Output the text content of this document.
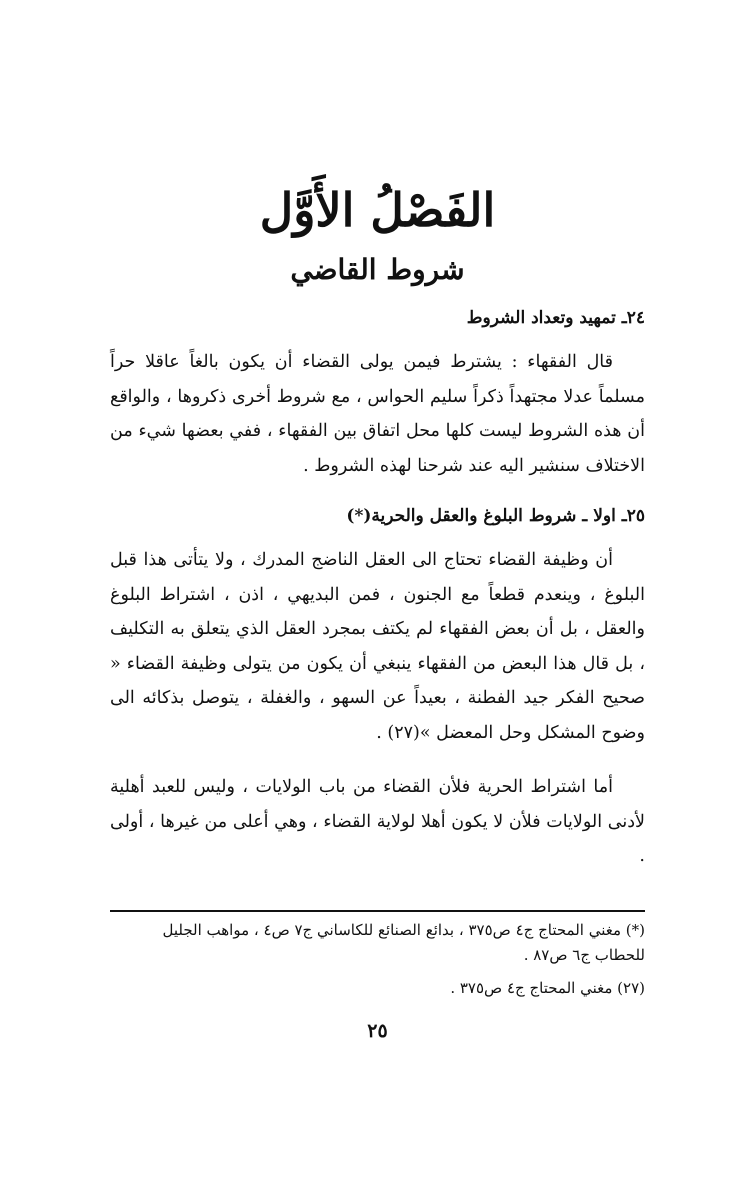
الفَصْلُ الأَوَّل
شروط القاضي
٢٤ـ تمهيد وتعداد الشروط

قال الفقهاء : يشترط فيمن يولى القضاء أن يكون بالغاً عاقلا حراً مسلماً عدلا مجتهداً ذكراً سليم الحواس ، مع شروط أخرى ذكروها ، والواقع أن هذه الشروط ليست كلها محل اتفاق بين الفقهاء ، ففي بعضها شيء من الاختلاف سنشير اليه عند شرحنا لهذه الشروط .

٢٥ـ اولا ـ شروط البلوغ والعقل والحرية(*)

أن وظيفة القضاء تحتاج الى العقل الناضج المدرك ، ولا يتأتى هذا قبل البلوغ ، وينعدم قطعاً مع الجنون ، فمن البديهي ، اذن ، اشتراط البلوغ والعقل ، بل أن بعض الفقهاء لم يكتف بمجرد العقل الذي يتعلق به التكليف ، بل قال هذا البعض من الفقهاء ينبغي أن يكون من يتولى وظيفة القضاء « صحيح الفكر جيد الفطنة ، بعيداً عن السهو ، والغفلة ، يتوصل بذكائه الى وضوح المشكل وحل المعضل »(٢٧) .

أما اشتراط الحرية فلأن القضاء من باب الولايات ، وليس للعبد أهلية لأدنى الولايات فلأن لا يكون أهلا لولاية القضاء ، وهي أعلى من غيرها ، أولى .

(*) مغني المحتاج ج٤ ص٣٧٥ ، بدائع الصنائع للكاساني ج٧ ص٤ ، مواهب الجليل للحطاب ج٦ ص٨٧ .
(٢٧) مغني المحتاج ج٤ ص٣٧٥ .
٢٥
